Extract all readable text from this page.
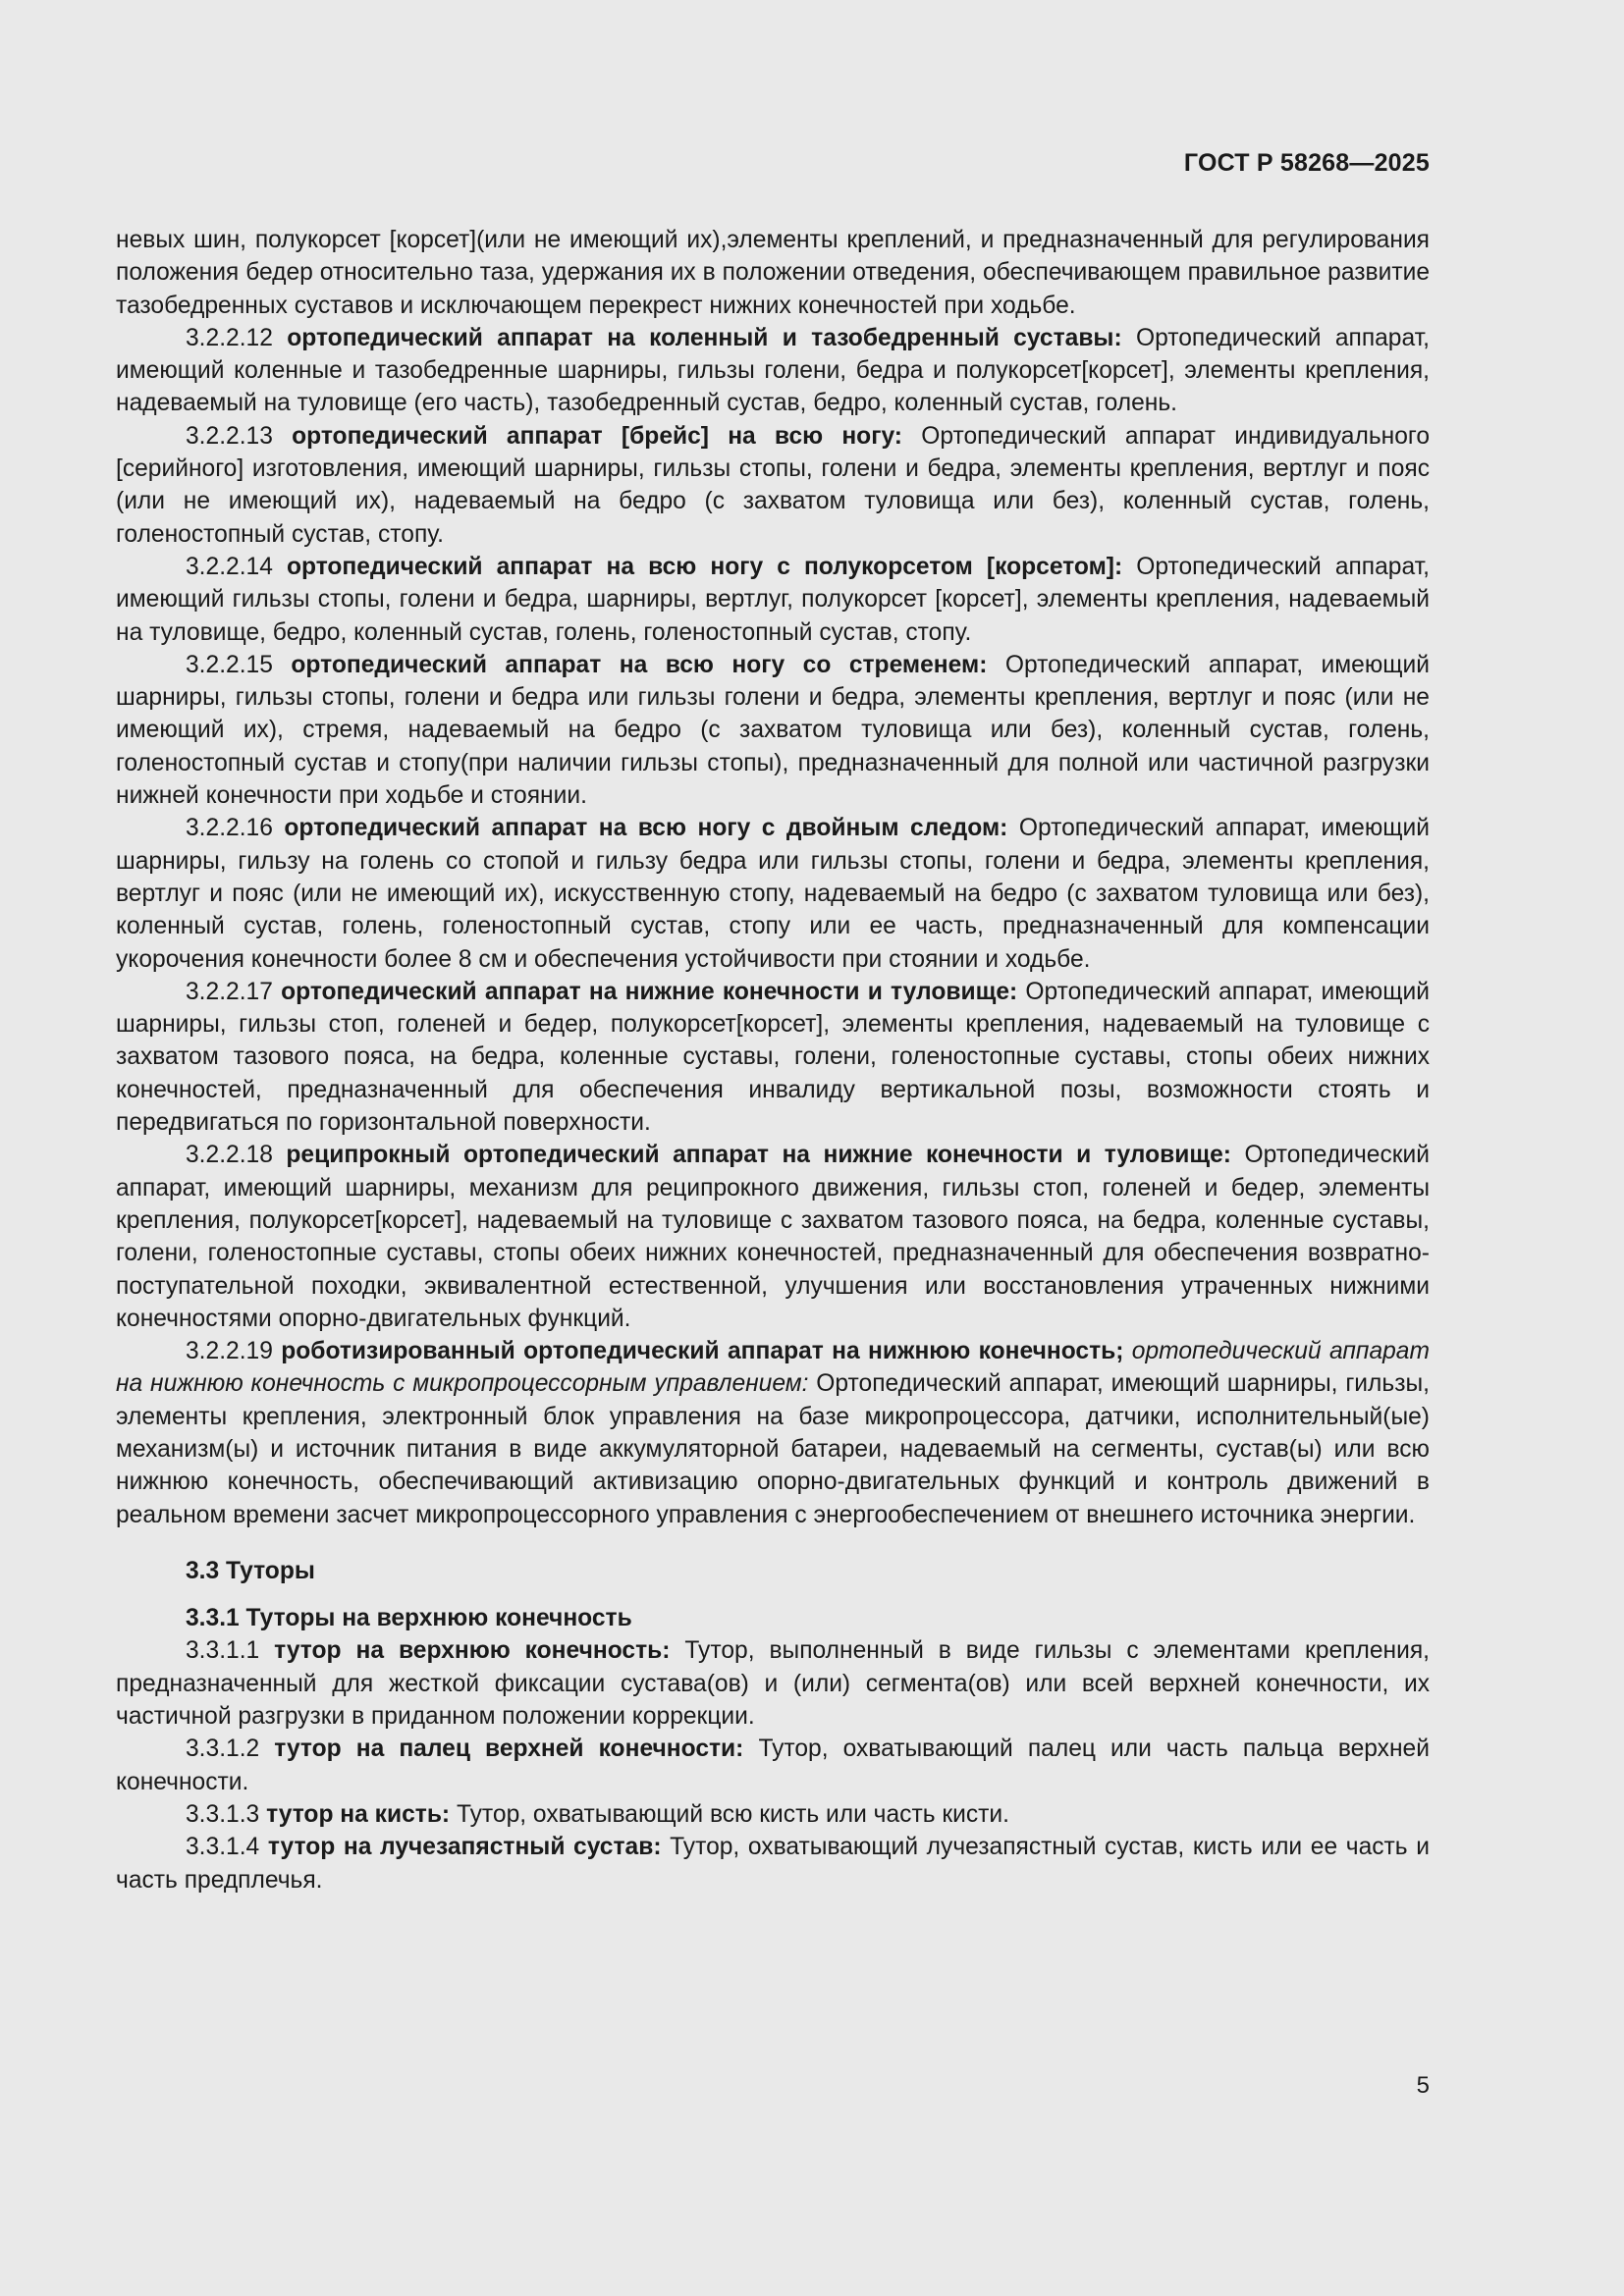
ГОСТ Р 58268—2025

невых шин, полукорсет [корсет](или не имеющий их),элементы креплений, и предназначенный для регулирования положения бедер относительно таза, удержания их в положении отведения, обеспечивающем правильное развитие тазобедренных суставов и исключающем перекрест нижних конечностей при ходьбе.

3.2.2.12 ортопедический аппарат на коленный и тазобедренный суставы: Ортопедический аппарат, имеющий коленные и тазобедренные шарниры, гильзы голени, бедра и полукорсет[корсет], элементы крепления, надеваемый на туловище (его часть), тазобедренный сустав, бедро, коленный сустав, голень.

3.2.2.13 ортопедический аппарат [брейс] на всю ногу: Ортопедический аппарат индивидуального [серийного] изготовления, имеющий шарниры, гильзы стопы, голени и бедра, элементы крепления, вертлуг и пояс (или не имеющий их), надеваемый на бедро (с захватом туловища или без), коленный сустав, голень, голеностопный сустав, стопу.

3.2.2.14 ортопедический аппарат на всю ногу с полукорсетом [корсетом]: Ортопедический аппарат, имеющий гильзы стопы, голени и бедра, шарниры, вертлуг, полукорсет [корсет], элементы крепления, надеваемый на туловище, бедро, коленный сустав, голень, голеностопный сустав, стопу.

3.2.2.15 ортопедический аппарат на всю ногу со стременем: Ортопедический аппарат, имеющий шарниры, гильзы стопы, голени и бедра или гильзы голени и бедра, элементы крепления, вертлуг и пояс (или не имеющий их), стремя, надеваемый на бедро (с захватом туловища или без), коленный сустав, голень, голеностопный сустав и стопу(при наличии гильзы стопы), предназначенный для полной или частичной разгрузки нижней конечности при ходьбе и стоянии.

3.2.2.16 ортопедический аппарат на всю ногу с двойным следом: Ортопедический аппарат, имеющий шарниры, гильзу на голень со стопой и гильзу бедра или гильзы стопы, голени и бедра, элементы крепления, вертлуг и пояс (или не имеющий их), искусственную стопу, надеваемый на бедро (с захватом туловища или без), коленный сустав, голень, голеностопный сустав, стопу или ее часть, предназначенный для компенсации укорочения конечности более 8 см и обеспечения устойчивости при стоянии и ходьбе.

3.2.2.17 ортопедический аппарат на нижние конечности и туловище: Ортопедический аппарат, имеющий шарниры, гильзы стоп, голеней и бедер, полукорсет[корсет], элементы крепления, надеваемый на туловище с захватом тазового пояса, на бедра, коленные суставы, голени, голеностопные суставы, стопы обеих нижних конечностей, предназначенный для обеспечения инвалиду вертикальной позы, возможности стоять и передвигаться по горизонтальной поверхности.

3.2.2.18 реципрокный ортопедический аппарат на нижние конечности и туловище: Ортопедический аппарат, имеющий шарниры, механизм для реципрокного движения, гильзы стоп, голеней и бедер, элементы крепления, полукорсет[корсет], надеваемый на туловище с захватом тазового пояса, на бедра, коленные суставы, голени, голеностопные суставы, стопы обеих нижних конечностей, предназначенный для обеспечения возвратно-поступательной походки, эквивалентной естественной, улучшения или восстановления утраченных нижними конечностями опорно-двигательных функций.

3.2.2.19 роботизированный ортопедический аппарат на нижнюю конечность; ортопедический аппарат на нижнюю конечность с микропроцессорным управлением: Ортопедический аппарат, имеющий шарниры, гильзы, элементы крепления, электронный блок управления на базе микропроцессора, датчики, исполнительный(ые) механизм(ы) и источник питания в виде аккумуляторной батареи, надеваемый на сегменты, сустав(ы) или всю нижнюю конечность, обеспечивающий активизацию опорно-двигательных функций и контроль движений в реальном времени засчет микропроцессорного управления с энергообеспечением от внешнего источника энергии.

3.3 Туторы

3.3.1 Туторы на верхнюю конечность

3.3.1.1 тутор на верхнюю конечность: Тутор, выполненный в виде гильзы с элементами крепления, предназначенный для жесткой фиксации сустава(ов) и (или) сегмента(ов) или всей верхней конечности, их частичной разгрузки в приданном положении коррекции.

3.3.1.2 тутор на палец верхней конечности: Тутор, охватывающий палец или часть пальца верхней конечности.

3.3.1.3 тутор на кисть: Тутор, охватывающий всю кисть или часть кисти.

3.3.1.4 тутор на лучезапястный сустав: Тутор, охватывающий лучезапястный сустав, кисть или ее часть и часть предплечья.

5
